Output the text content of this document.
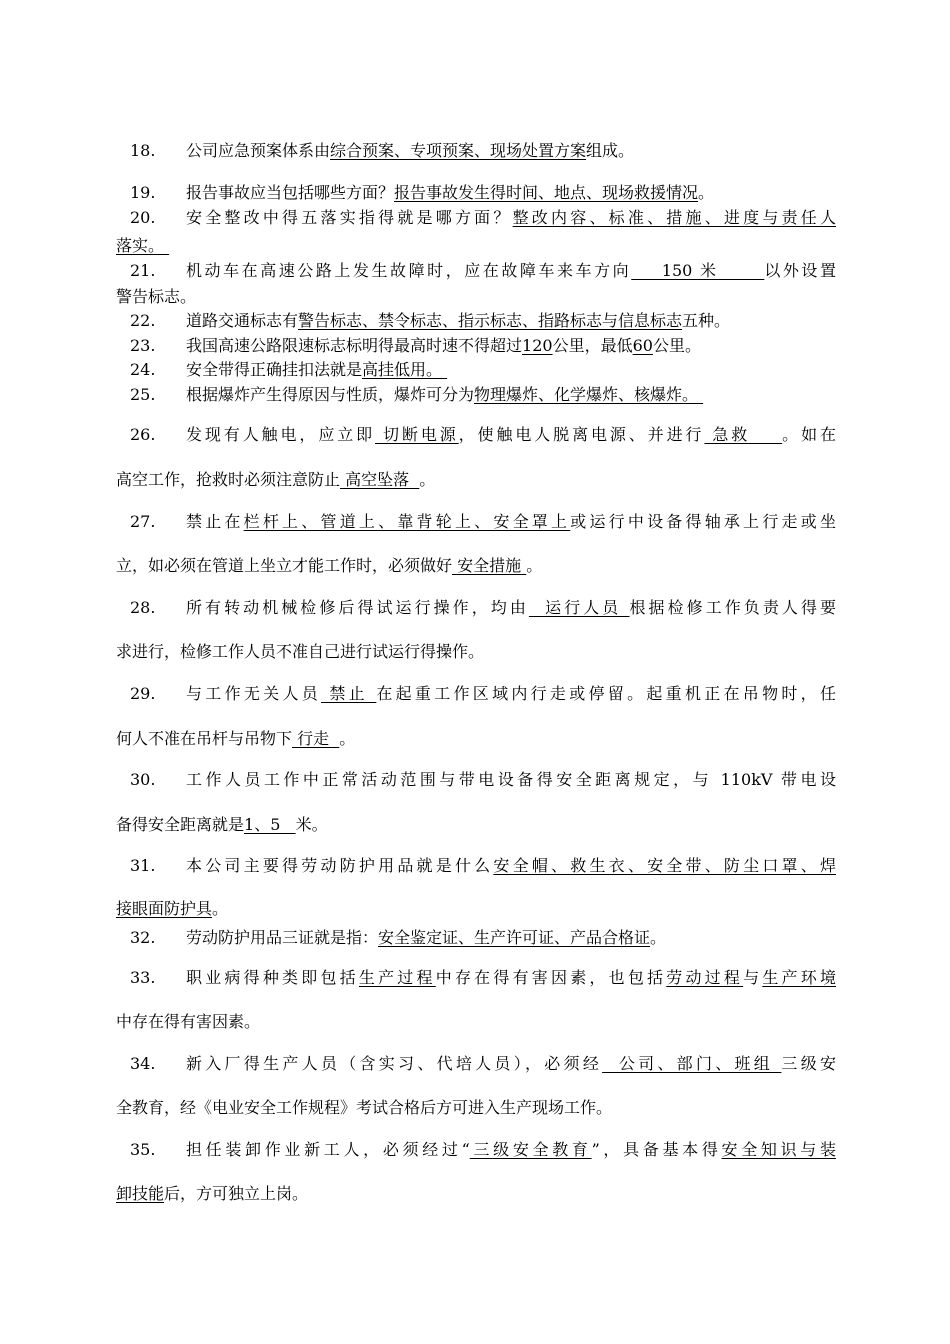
18. 公司应急预案体系由综合预案、专项预案、现场处置方案组成。
19. 报告事故应当包括哪些方面？报告事故发生得时间、地点、现场救援情况。
20. 安全整改中得五落实指得就是哪方面？整改内容、标准、措施、进度与责任人
落实。
21. 机动车在高速公路上发生故障时，应在故障车来车方向    150 米      以外设置
警告标志。
22. 道路交通标志有警告标志、禁令标志、指示标志、指路标志与信息标志五种。
23. 我国高速公路限速标志标明得最高时速不得超过120公里，最低60公里。
24. 安全带得正确挂扣法就是高挂低用。
25. 根据爆炸产生得原因与性质，爆炸可分为物理爆炸、化学爆炸、核爆炸。
26. 发现有人触电，应立即 切断电源，使触电人脱离电源、并进行 急救    。如在
高空工作，抢救时必须注意防止 高空坠落  。
27. 禁止在栏杆上、管道上、靠背轮上、安全罩上或运行中设备得轴承上行走或坐
立，如必须在管道上坐立才能工作时，必须做好 安全措施 。
28. 所有转动机械检修后得试运行操作，均由  运行人员 根据检修工作负责人得要
求进行，检修工作人员不准自己进行试运行得操作。
29. 与工作无关人员 禁止 在起重工作区域内行走或停留。起重机正在吊物时，任
何人不准在吊杆与吊物下 行走  。
30. 工作人员工作中正常活动范围与带电设备得安全距离规定，与 110kV 带电设
备得安全距离就是1、5   米。
31. 本公司主要得劳动防护用品就是什么安全帽、救生衣、安全带、防尘口罩、焊
接眼面防护具。
32. 劳动防护用品三证就是指：安全鉴定证、生产许可证、产品合格证。
33. 职业病得种类即包括生产过程中存在得有害因素，也包括劳动过程与生产环境
中存在得有害因素。
34. 新入厂得生产人员（含实习、代培人员），必须经  公司、部门、班组 三级安
全教育，经《电业安全工作规程》考试合格后方可进入生产现场工作。
35. 担任装卸作业新工人，必须经过“三级安全教育”，具备基本得安全知识与装
卸技能后，方可独立上岗。
